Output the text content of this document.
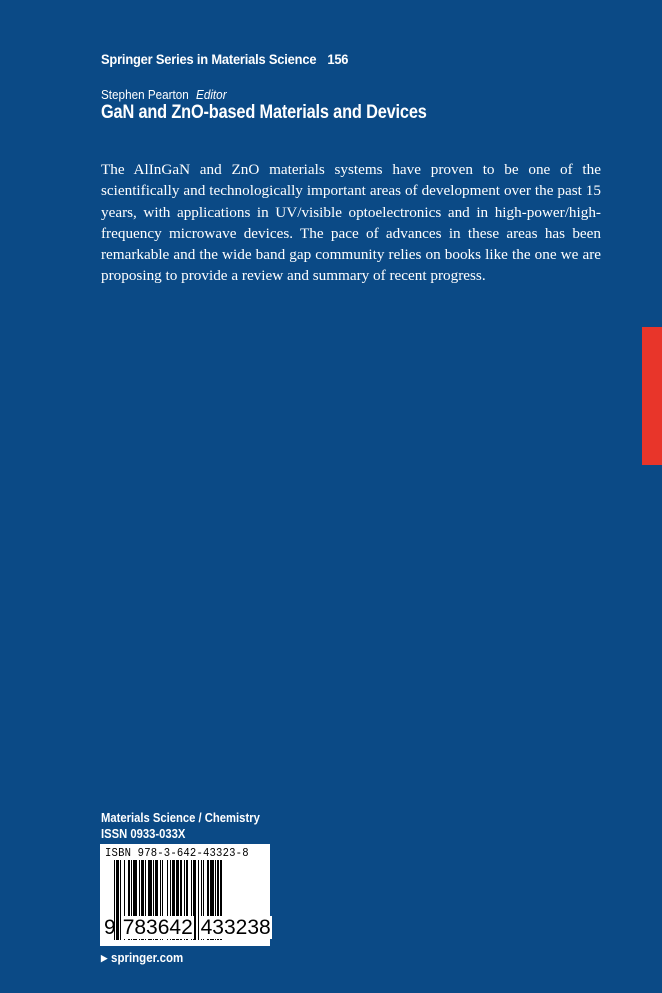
Springer Series in Materials Science 156
Stephen Pearton Editor
GaN and ZnO-based Materials and Devices
The AlInGaN and ZnO materials systems have proven to be one of the scientifically and technologically important areas of development over the past 15 years, with applications in UV/visible optoelectronics and in high-power/high-frequency microwave devices. The pace of advances in these areas has been remarkable and the wide band gap community relies on books like the one we are proposing to provide a review and summary of recent progress.
Materials Science / Chemistry
ISSN 0933-033X
ISBN 978-3-642-43323-8
9 783642 433238
▶ springer.com
